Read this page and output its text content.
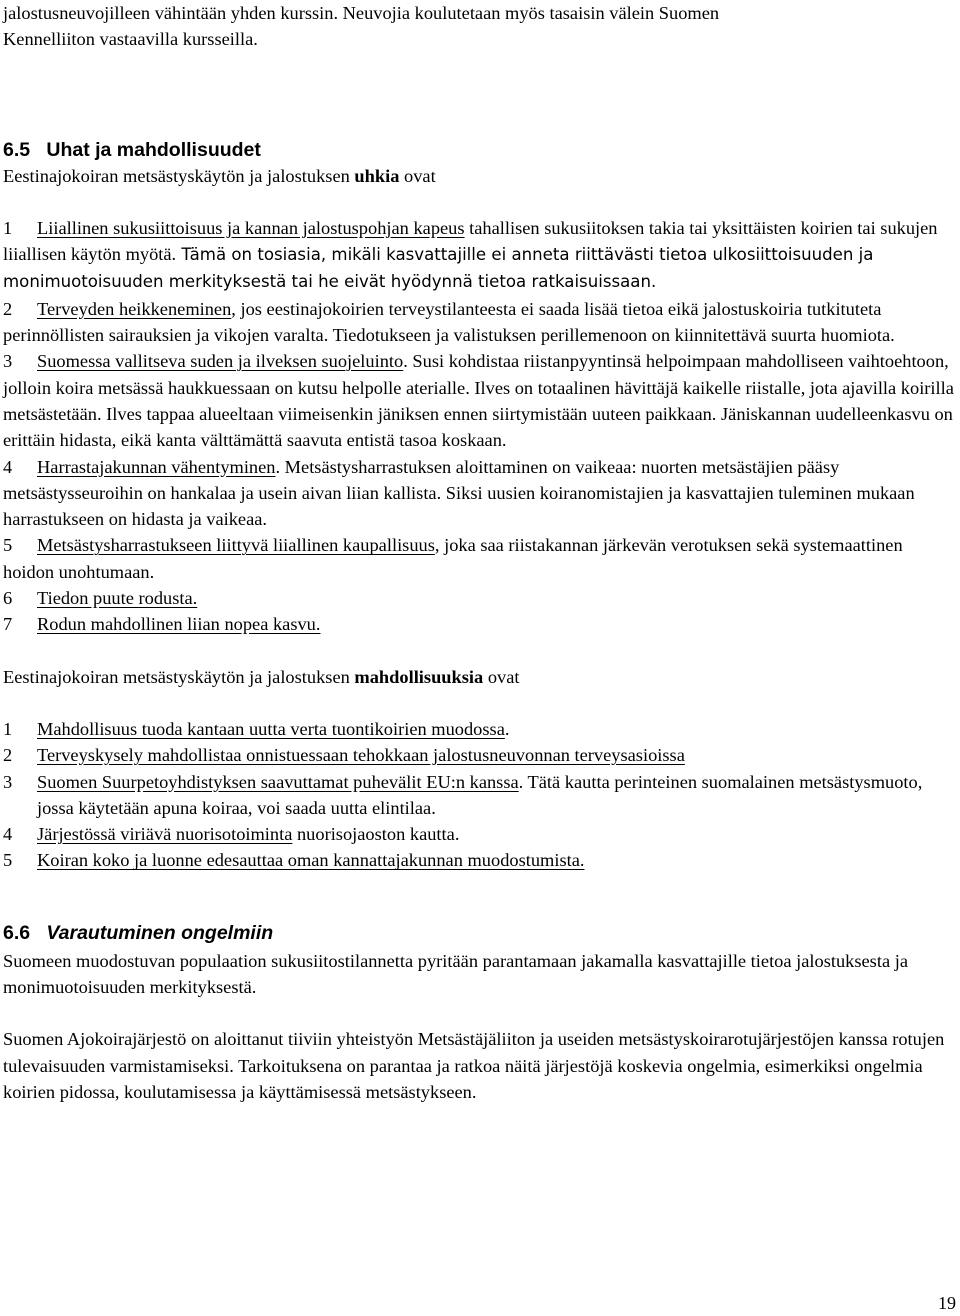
jalostusneuvojilleen vähintään yhden kurssin. Neuvojia koulutetaan myös tasaisin välein Suomen
Kennelliiton vastaavilla kursseilla.

6.5 Uhat ja mahdollisuudet

Eestinajokoiran metsästyskäytön ja jalostuksen uhkia ovat

1 Liiallinen sukusiittoisuus ja kannan jalostuspohjan kapeus tahallisen sukusiitoksen takia tai yksittäisten koirien tai sukujen liiallisen käytön myötä. Tämä on tosiasia, mikäli kasvattajille ei anneta riittävästi tietoa ulkosiittoisuuden ja monimuotoisuuden merkityksestä tai he eivät hyödynnä tietoa ratkaisuissaan.

2 Terveyden heikkeneminen, jos eestinajokoirien terveystilanteesta ei saada lisää tietoa eikä jalostuskoiria tutkituteta perinnöllisten sairauksien ja vikojen varalta. Tiedotukseen ja valistuksen perillemenoon on kiinnitettävä suurta huomiota.

3 Suomessa vallitseva suden ja ilveksen suojeluinto. Susi kohdistaa riistanpyyntinsä helpoimpaan mahdolliseen vaihtoehtoon, jolloin koira metsässä haukkuessaan on kutsu helpolle aterialle. Ilves on totaalinen hävittäjä kaikelle riistalle, jota ajavilla koirilla metsästetään. Ilves tappaa alueeltaan viimeisenkin jäniksen ennen siirtymistään uuteen paikkaan. Jäniskannan uudelleenkasvu on erittäin hidasta, eikä kanta välttämättä saavuta entistä tasoa koskaan.

4 Harrastajakunnan vähentyminen. Metsästysharrastuksen aloittaminen on vaikeaa: nuorten metsästäjien pääsy metsästysseuroihin on hankalaa ja usein aivan liian kallista. Siksi uusien koiranomistajien ja kasvattajien tuleminen mukaan harrastukseen on hidasta ja vaikeaa.

5 Metsästysharrastukseen liittyvä liiallinen kaupallisuus, joka saa riistakannan järkevän verotuksen sekä systemaattinen hoidon unohtumaan.

6 Tiedon puute rodusta.

7 Rodun mahdollinen liian nopea kasvu.

Eestinajokoiran metsästyskäytön ja jalostuksen mahdollisuuksia ovat

1 Mahdollisuus tuoda kantaan uutta verta tuontikoirien muodossa.

2 Terveyskysely mahdollistaa onnistuessaan tehokkaan jalostusneuvonnan terveysasioissa

3 Suomen Suurpetoyhdistyksen saavuttamat puhevälit EU:n kanssa. Tätä kautta perinteinen suomalainen metsästysmuoto, jossa käytetään apuna koiraa, voi saada uutta elintilaa.

4 Järjestössä viriävä nuorisotoiminta nuorisojaoston kautta.

5 Koiran koko ja luonne edesauttaa oman kannattajakunnan muodostumista.

6.6 Varautuminen ongelmiin

Suomeen muodostuvan populaation sukusiitostilannetta pyritään parantamaan jakamalla kasvattajille tietoa jalostuksesta ja monimuotoisuuden merkityksestä.

Suomen Ajokoirajärjestö on aloittanut tiiviin yhteistyön Metsästäjäliiton ja useiden metsästyskoirarotujärjestöjen kanssa rotujen tulevaisuuden varmistamiseksi. Tarkoituksena on parantaa ja ratkoa näitä järjestöjä koskevia ongelmia, esimerkiksi ongelmia koirien pidossa, koulutamisessa ja käyttämisessä metsästykseen.

19
